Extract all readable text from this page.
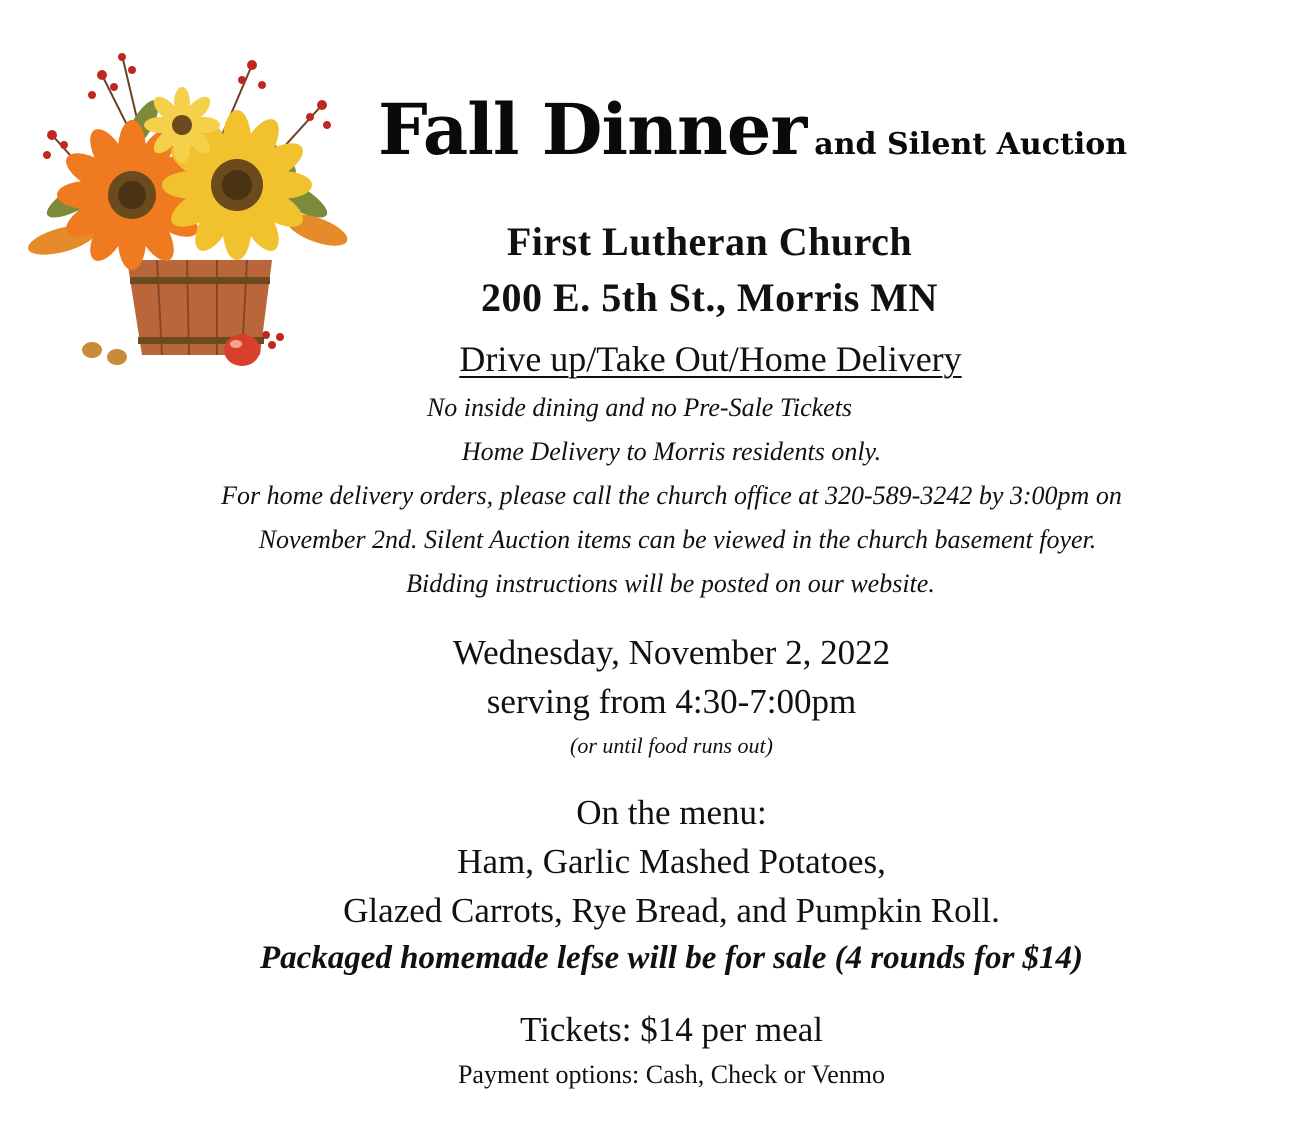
Fall Dinner and Silent Auction
First Lutheran Church
200 E. 5th St., Morris MN
Drive up/Take Out/Home Delivery
No inside dining and no Pre-Sale Tickets
Home Delivery to Morris residents only.
For home delivery orders, please call the church office at 320-589-3242 by 3:00pm on
November 2nd. Silent Auction items can be viewed in the church basement foyer.
Bidding instructions will be posted on our website.
Wednesday, November 2, 2022
serving from 4:30-7:00pm
(or until food runs out)
On the menu:
Ham, Garlic Mashed Potatoes,
Glazed Carrots, Rye Bread, and Pumpkin Roll.
Packaged homemade lefse will be for sale (4 rounds for $14)
Tickets: $14 per meal
Payment options: Cash, Check or Venmo
